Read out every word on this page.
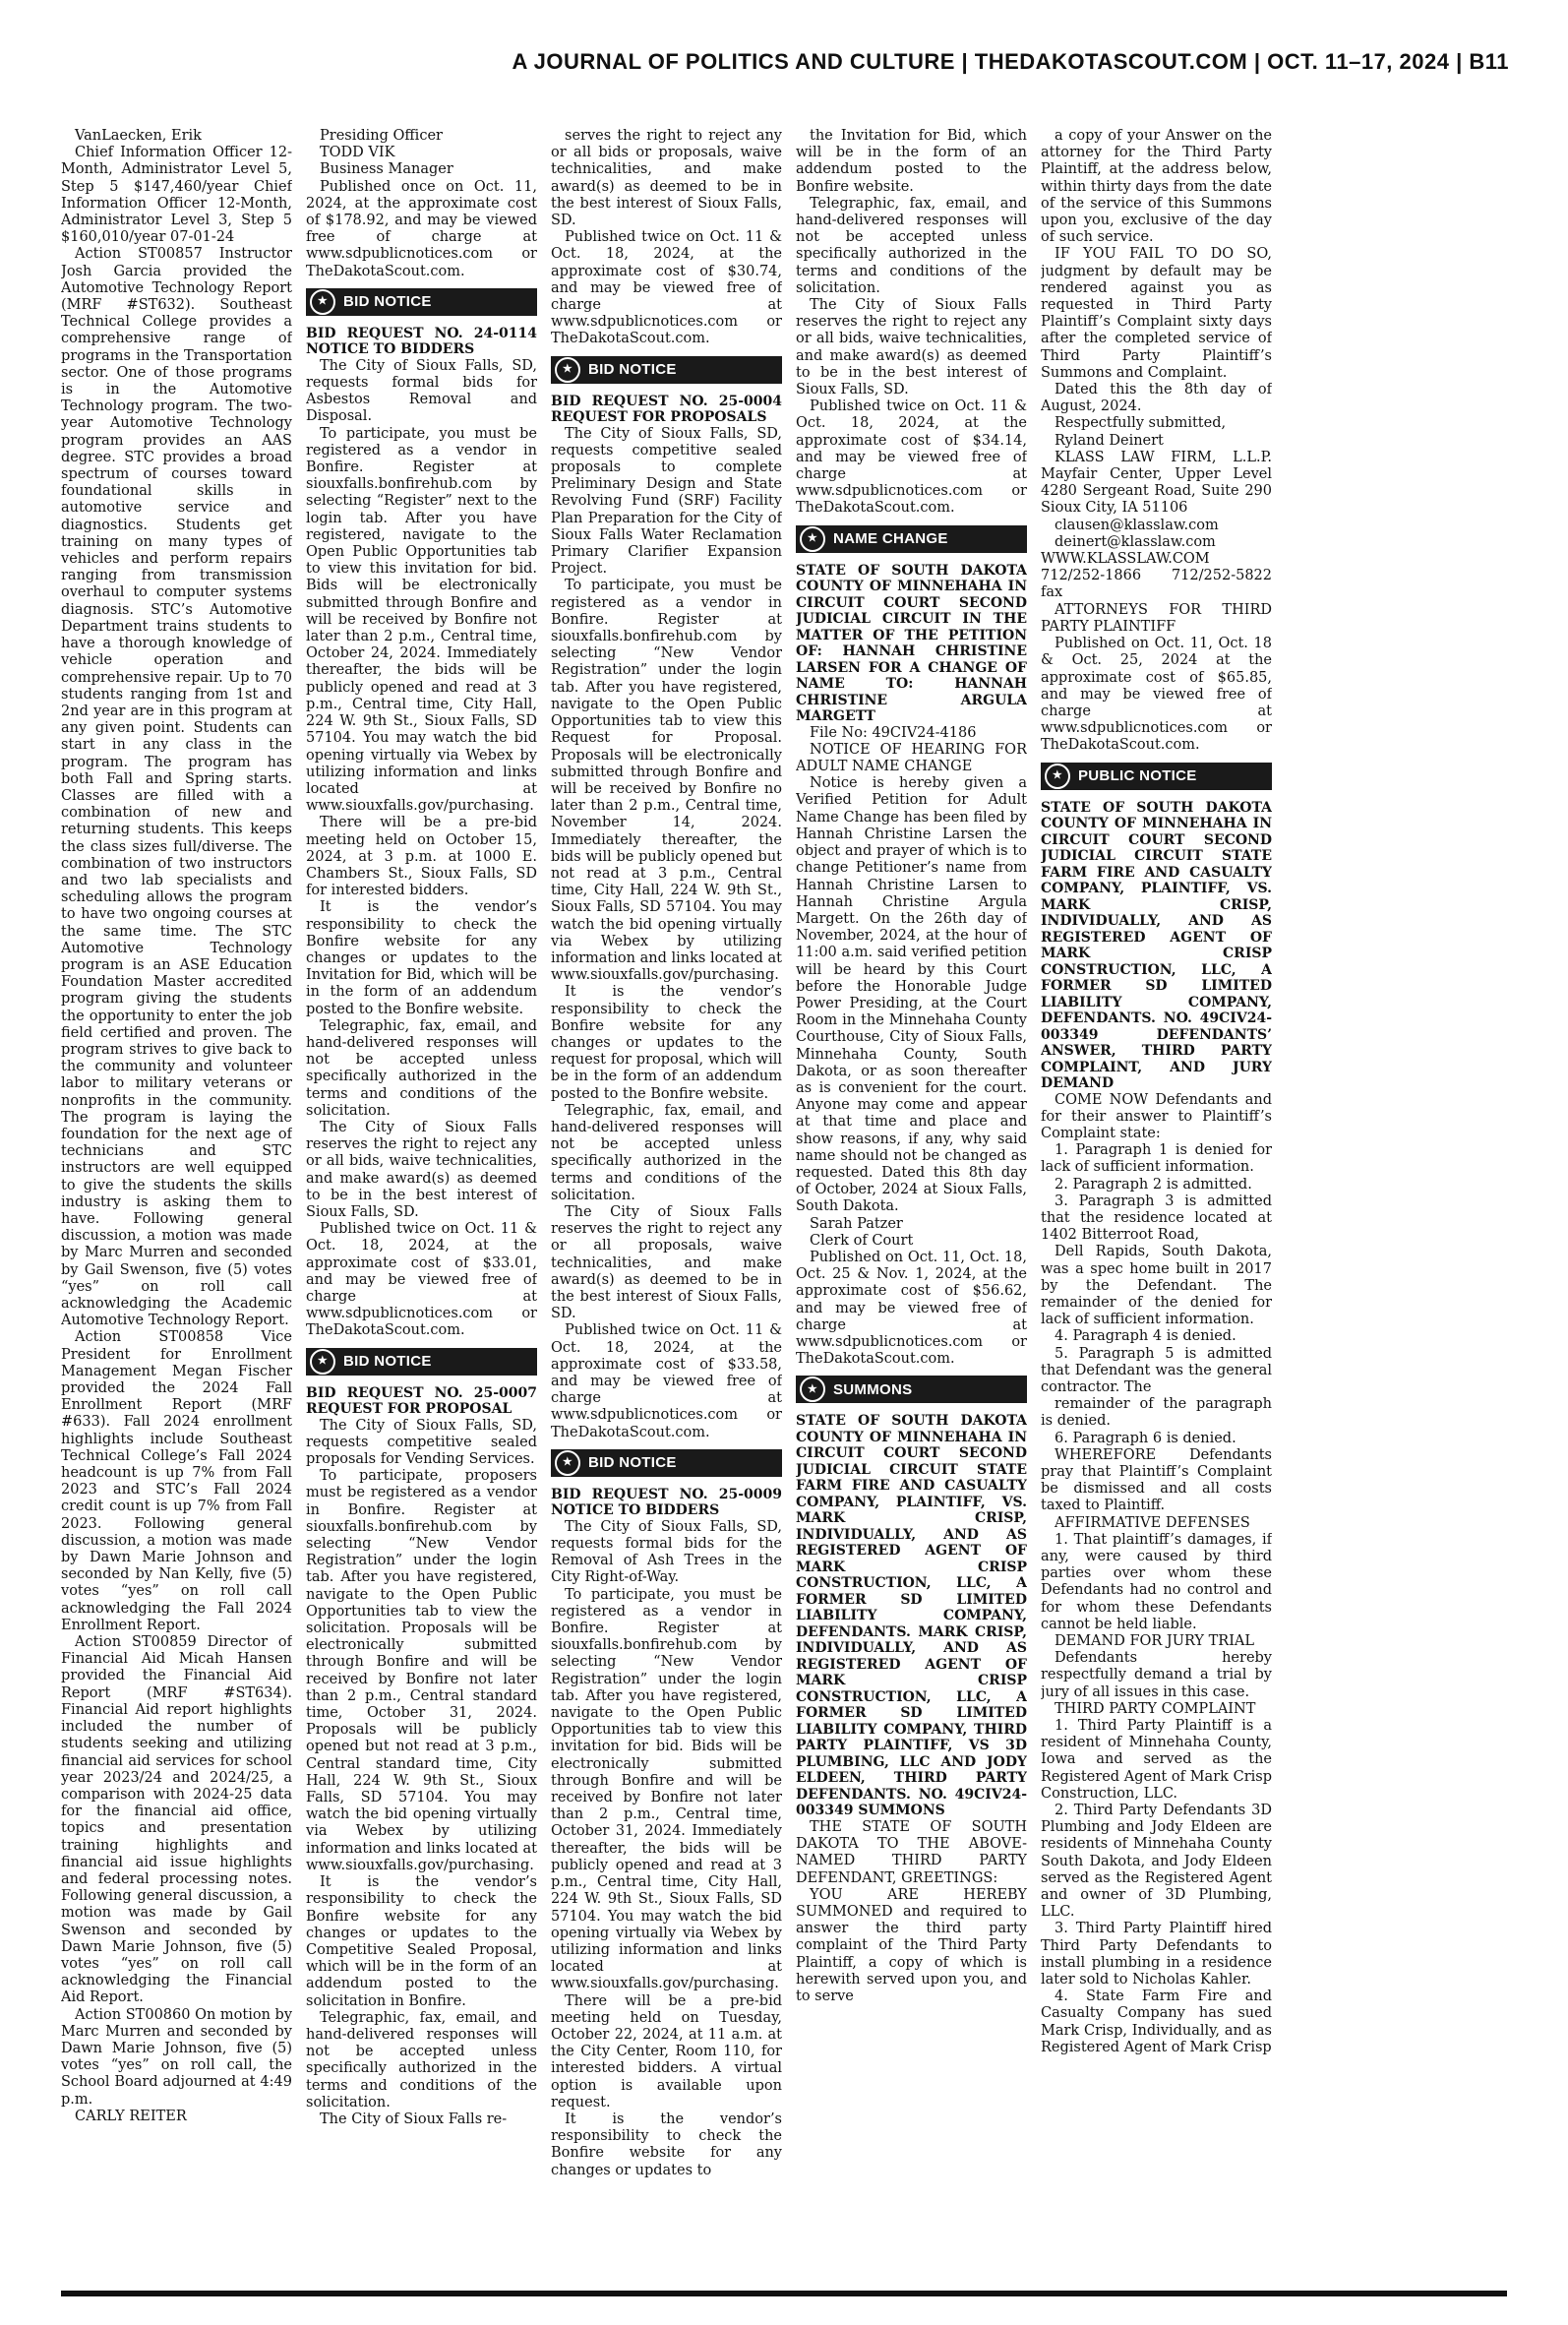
A JOURNAL OF POLITICS AND CULTURE | THEDAKOTASCOUT.COM | OCT. 11–17, 2024 | B11

VanLaecken, Erik

Chief Information Officer 12-Month, Administrator Level 5, Step 5 $147,460/year Chief Information Officer 12-Month, Administrator Level 3, Step 5 $160,010/year 07-01-24

Action ST00857 Instructor Josh Garcia provided the Automotive Technology Report (MRF #ST632). Southeast Technical College provides a comprehensive range of programs in the Transportation sector. One of those programs is in the Automotive Technology program. The two-year Automotive Technology program provides an AAS degree. STC provides a broad spectrum of courses toward foundational skills in automotive service and diagnostics. Students get training on many types of vehicles and perform repairs ranging from transmission overhaul to computer systems diagnosis. STC’s Automotive Department trains students to have a thorough knowledge of vehicle operation and comprehensive repair. Up to 70 students ranging from 1st and 2nd year are in this program at any given point. Students can start in any class in the program. The program has both Fall and Spring starts. Classes are filled with a combination of new and returning students. This keeps the class sizes full/diverse. The combination of two instructors and two lab specialists and scheduling allows the program to have two ongoing courses at the same time. The STC Automotive Technology program is an ASE Education Foundation Master accredited program giving the students the opportunity to enter the job field certified and proven. The program strives to give back to the community and volunteer labor to military veterans or nonprofits in the community. The program is laying the foundation for the next age of technicians and STC instructors are well equipped to give the students the skills industry is asking them to have. Following general discussion, a motion was made by Marc Murren and seconded by Gail Swenson, five (5) votes “yes” on roll call acknowledging the Academic Automotive Technology Report.

Action ST00858 Vice President for Enrollment Management Megan Fischer provided the 2024 Fall Enrollment Report (MRF #633). Fall 2024 enrollment highlights include Southeast Technical College’s Fall 2024 headcount is up 7% from Fall 2023 and STC’s Fall 2024 credit count is up 7% from Fall 2023. Following general discussion, a motion was made by Dawn Marie Johnson and seconded by Nan Kelly, five (5) votes “yes” on roll call acknowledging the Fall 2024 Enrollment Report.

Action ST00859 Director of Financial Aid Micah Hansen provided the Financial Aid Report (MRF #ST634). Financial Aid report highlights included the number of students seeking and utilizing financial aid services for school year 2023/24 and 2024/25, a comparison with 2024-25 data for the financial aid office, topics and presentation training highlights and financial aid issue highlights and federal processing notes. Following general discussion, a motion was made by Gail Swenson and seconded by Dawn Marie Johnson, five (5) votes “yes” on roll call acknowledging the Financial Aid Report.

Action ST00860 On motion by Marc Murren and seconded by Dawn Marie Johnson, five (5) votes “yes” on roll call, the School Board adjourned at 4:49 p.m.

CARLY REITER

Presiding Officer

TODD VIK

Business Manager

Published once on Oct. 11, 2024, at the approximate cost of $178.92, and may be viewed free of charge at www.sdpublicnotices.com or TheDakotaScout.com.

★	BID NOTICE

BID REQUEST NO. 24-0114 NOTICE TO BIDDERS

The City of Sioux Falls, SD, requests formal bids for Asbestos Removal and Disposal.

To participate, you must be registered as a vendor in Bonfire. Register at siouxfalls.bonfirehub.com by selecting “Register” next to the login tab. After you have registered, navigate to the Open Public Opportunities tab to view this invitation for bid. Bids will be electronically submitted through Bonfire and will be received by Bonfire not later than 2 p.m., Central time, October 24, 2024. Immediately thereafter, the bids will be publicly opened and read at 3 p.m., Central time, City Hall, 224 W. 9th St., Sioux Falls, SD 57104. You may watch the bid opening virtually via Webex by utilizing information and links located at www.siouxfalls.gov/purchasing.

There will be a pre-bid meeting held on October 15, 2024, at 3 p.m. at 1000 E. Chambers St., Sioux Falls, SD for interested bidders.

It is the vendor’s responsibility to check the Bonfire website for any changes or updates to the Invitation for Bid, which will be in the form of an addendum posted to the Bonfire website.

Telegraphic, fax, email, and hand-delivered responses will not be accepted unless specifically authorized in the terms and conditions of the solicitation.

The City of Sioux Falls reserves the right to reject any or all bids, waive technicalities, and make award(s) as deemed to be in the best interest of Sioux Falls, SD.

Published twice on Oct. 11 & Oct. 18, 2024, at the approximate cost of $33.01, and may be viewed free of charge at www.sdpublicnotices.com or TheDakotaScout.com.

★	BID NOTICE

BID REQUEST NO. 25-0007 REQUEST FOR PROPOSAL

The City of Sioux Falls, SD, requests competitive sealed proposals for Vending Services.

To participate, proposers must be registered as a vendor in Bonfire. Register at siouxfalls.bonfirehub.com by selecting “New Vendor Registration” under the login tab. After you have registered, navigate to the Open Public Opportunities tab to view the solicitation. Proposals will be electronically submitted through Bonfire and will be received by Bonfire not later than 2 p.m., Central standard time, October 31, 2024. Proposals will be publicly opened but not read at 3 p.m., Central standard time, City Hall, 224 W. 9th St., Sioux Falls, SD 57104. You may watch the bid opening virtually via Webex by utilizing information and links located at www.siouxfalls.gov/purchasing.

It is the vendor’s responsibility to check the Bonfire website for any changes or updates to the Competitive Sealed Proposal, which will be in the form of an addendum posted to the solicitation in Bonfire.

Telegraphic, fax, email, and hand-delivered responses will not be accepted unless specifically authorized in the terms and conditions of the solicitation.

The City of Sioux Falls re-

serves the right to reject any or all bids or proposals, waive technicalities, and make award(s) as deemed to be in the best interest of Sioux Falls, SD.

Published twice on Oct. 11 & Oct. 18, 2024, at the approximate cost of $30.74, and may be viewed free of charge at www.sdpublicnotices.com or TheDakotaScout.com.

★	BID NOTICE

BID REQUEST NO. 25-0004 REQUEST FOR PROPOSALS

The City of Sioux Falls, SD, requests competitive sealed proposals to complete Preliminary Design and State Revolving Fund (SRF) Facility Plan Preparation for the City of Sioux Falls Water Reclamation Primary Clarifier Expansion Project.

To participate, you must be registered as a vendor in Bonfire. Register at siouxfalls.bonfirehub.com by selecting “New Vendor Registration” under the login tab. After you have registered, navigate to the Open Public Opportunities tab to view this Request for Proposal. Proposals will be electronically submitted through Bonfire and will be received by Bonfire no later than 2 p.m., Central time, November 14, 2024. Immediately thereafter, the bids will be publicly opened but not read at 3 p.m., Central time, City Hall, 224 W. 9th St., Sioux Falls, SD 57104. You may watch the bid opening virtually via Webex by utilizing information and links located at www.siouxfalls.gov/purchasing.

It is the vendor’s responsibility to check the Bonfire website for any changes or updates to the request for proposal, which will be in the form of an addendum posted to the Bonfire website.

Telegraphic, fax, email, and hand-delivered responses will not be accepted unless specifically authorized in the terms and conditions of the solicitation.

The City of Sioux Falls reserves the right to reject any or all proposals, waive technicalities, and make award(s) as deemed to be in the best interest of Sioux Falls, SD.

Published twice on Oct. 11 & Oct. 18, 2024, at the approximate cost of $33.58, and may be viewed free of charge at www.sdpublicnotices.com or TheDakotaScout.com.

★	BID NOTICE

BID REQUEST NO. 25-0009 NOTICE TO BIDDERS

The City of Sioux Falls, SD, requests formal bids for the Removal of Ash Trees in the City Right-of-Way.

To participate, you must be registered as a vendor in Bonfire. Register at siouxfalls.bonfirehub.com by selecting “New Vendor Registration” under the login tab. After you have registered, navigate to the Open Public Opportunities tab to view this invitation for bid. Bids will be electronically submitted through Bonfire and will be received by Bonfire not later than 2 p.m., Central time, October 31, 2024. Immediately thereafter, the bids will be publicly opened and read at 3 p.m., Central time, City Hall, 224 W. 9th St., Sioux Falls, SD 57104. You may watch the bid opening virtually via Webex by utilizing information and links located at www.siouxfalls.gov/purchasing.

There will be a pre-bid meeting held on Tuesday, October 22, 2024, at 11 a.m. at the City Center, Room 110, for interested bidders. A virtual option is available upon request.

It is the vendor’s responsibility to check the Bonfire website for any changes or updates to

the Invitation for Bid, which will be in the form of an addendum posted to the Bonfire website.

Telegraphic, fax, email, and hand-delivered responses will not be accepted unless specifically authorized in the terms and conditions of the solicitation.

The City of Sioux Falls reserves the right to reject any or all bids, waive technicalities, and make award(s) as deemed to be in the best interest of Sioux Falls, SD.

Published twice on Oct. 11 & Oct. 18, 2024, at the approximate cost of $34.14, and may be viewed free of charge at www.sdpublicnotices.com or TheDakotaScout.com.

★	NAME CHANGE

STATE OF SOUTH DAKOTA COUNTY OF MINNEHAHA IN CIRCUIT COURT SECOND JUDICIAL CIRCUIT IN THE MATTER OF THE PETITION OF: HANNAH CHRISTINE LARSEN FOR A CHANGE OF NAME TO: HANNAH CHRISTINE ARGULA MARGETT

File No: 49CIV24-4186

NOTICE OF HEARING FOR ADULT NAME CHANGE

Notice is hereby given a Verified Petition for Adult Name Change has been filed by Hannah Christine Larsen the object and prayer of which is to change Petitioner’s name from Hannah Christine Larsen to Hannah Christine Argula Margett. On the 26th day of November, 2024, at the hour of 11:00 a.m. said verified petition will be heard by this Court before the Honorable Judge Power Presiding, at the Court Room in the Minnehaha County Courthouse, City of Sioux Falls, Minnehaha County, South Dakota, or as soon thereafter as is convenient for the court. Anyone may come and appear at that time and place and show reasons, if any, why said name should not be changed as requested. Dated this 8th day of October, 2024 at Sioux Falls, South Dakota.

Sarah Patzer

Clerk of Court

Published on Oct. 11, Oct. 18, Oct. 25 & Nov. 1, 2024, at the approximate cost of $56.62, and may be viewed free of charge at www.sdpublicnotices.com or TheDakotaScout.com.

★	SUMMONS

STATE OF SOUTH DAKOTA COUNTY OF MINNEHAHA IN CIRCUIT COURT SECOND JUDICIAL CIRCUIT STATE FARM FIRE AND CASUALTY COMPANY, PLAINTIFF, VS. MARK CRISP, INDIVIDUALLY, AND AS REGISTERED AGENT OF MARK CRISP CONSTRUCTION, LLC, A FORMER SD LIMITED LIABILITY COMPANY, DEFENDANTS. MARK CRISP, INDIVIDUALLY, AND AS REGISTERED AGENT OF MARK CRISP CONSTRUCTION, LLC, A FORMER SD LIMITED LIABILITY COMPANY, THIRD PARTY PLAINTIFF, VS 3D PLUMBING, LLC AND JODY ELDEEN, THIRD PARTY DEFENDANTS. NO. 49CIV24-003349 SUMMONS

THE STATE OF SOUTH DAKOTA TO THE ABOVE-NAMED THIRD PARTY DEFENDANT, GREETINGS:

YOU ARE HEREBY SUMMONED and required to answer the third party complaint of the Third Party Plaintiff, a copy of which is herewith served upon you, and to serve

a copy of your Answer on the attorney for the Third Party Plaintiff, at the address below, within thirty days from the date of the service of this Summons upon you, exclusive of the day of such service.

IF YOU FAIL TO DO SO, judgment by default may be rendered against you as requested in Third Party Plaintiff’s Complaint sixty days after the completed service of Third Party Plaintiff’s Summons and Complaint.

Dated this the 8th day of August, 2024.

Respectfully submitted,

Ryland Deinert

KLASS LAW FIRM, L.L.P. Mayfair Center, Upper Level 4280 Sergeant Road, Suite 290 Sioux City, IA 51106

clausen@klasslaw.com

deinert@klasslaw.com WWW.KLASSLAW.COM 712/252-1866 712/252-5822 fax

ATTORNEYS FOR THIRD PARTY PLAINTIFF

Published on Oct. 11, Oct. 18 & Oct. 25, 2024 at the approximate cost of $65.85, and may be viewed free of charge at www.sdpublicnotices.com or TheDakotaScout.com.

★	PUBLIC NOTICE

STATE OF SOUTH DAKOTA COUNTY OF MINNEHAHA IN CIRCUIT COURT SECOND JUDICIAL CIRCUIT STATE FARM FIRE AND CASUALTY COMPANY, PLAINTIFF, VS. MARK CRISP, INDIVIDUALLY, AND AS REGISTERED AGENT OF MARK CRISP CONSTRUCTION, LLC, A FORMER SD LIMITED LIABILITY COMPANY, DEFENDANTS. NO. 49CIV24-003349 DEFENDANTS’ ANSWER, THIRD PARTY COMPLAINT, AND JURY DEMAND

COME NOW Defendants and for their answer to Plaintiff’s Complaint state:

1. Paragraph 1 is denied for lack of sufficient information.

2. Paragraph 2 is admitted.

3. Paragraph 3 is admitted that the residence located at 1402 Bitterroot Road,

Dell Rapids, South Dakota, was a spec home built in 2017 by the Defendant. The remainder of the denied for lack of sufficient information.

4. Paragraph 4 is denied.

5. Paragraph 5 is admitted that Defendant was the general contractor. The

remainder of the paragraph is denied.

6. Paragraph 6 is denied.

WHEREFORE Defendants pray that Plaintiff’s Complaint be dismissed and all costs taxed to Plaintiff.

AFFIRMATIVE DEFENSES

1. That plaintiff’s damages, if any, were caused by third parties over whom these Defendants had no control and for whom these Defendants cannot be held liable.

DEMAND FOR JURY TRIAL

Defendants hereby respectfully demand a trial by jury of all issues in this case.

THIRD PARTY COMPLAINT

1. Third Party Plaintiff is a resident of Minnehaha County, Iowa and served as the Registered Agent of Mark Crisp Construction, LLC.

2. Third Party Defendants 3D Plumbing and Jody Eldeen are residents of Minnehaha County South Dakota, and Jody Eldeen served as the Registered Agent and owner of 3D Plumbing, LLC.

3. Third Party Plaintiff hired Third Party Defendants to install plumbing in a residence later sold to Nicholas Kahler.

4. State Farm Fire and Casualty Company has sued Mark Crisp, Individually, and as Registered Agent of Mark Crisp
